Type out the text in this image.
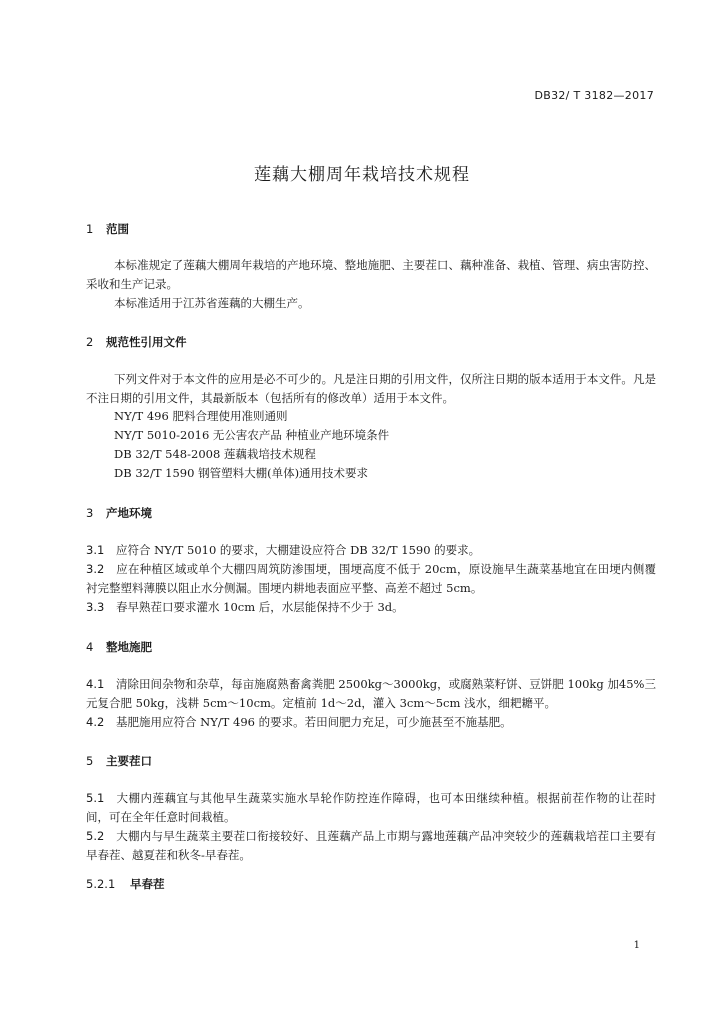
DB32/ T 3182—2017
莲藕大棚周年栽培技术规程
1 范围
本标准规定了莲藕大棚周年栽培的产地环境、整地施肥、主要茬口、藕种准备、栽植、管理、病虫害防控、采收和生产记录。
本标准适用于江苏省莲藕的大棚生产。
2 规范性引用文件
下列文件对于本文件的应用是必不可少的。凡是注日期的引用文件，仅所注日期的版本适用于本文件。凡是不注日期的引用文件，其最新版本（包括所有的修改单）适用于本文件。
NY/T 496 肥料合理使用准则通则
NY/T 5010-2016 无公害农产品 种植业产地环境条件
DB 32/T 548-2008 莲藕栽培技术规程
DB 32/T 1590 钢管塑料大棚(单体)通用技术要求
3 产地环境
3.1 应符合 NY/T 5010 的要求，大棚建设应符合 DB 32/T 1590 的要求。
3.2 应在种植区域或单个大棚四周筑防渗围埂，围埂高度不低于 20cm，原设施早生蔬菜基地宜在田埂内侧覆衬完整塑料薄膜以阻止水分侧漏。围埂内耕地表面应平整、高差不超过 5cm。
3.3 春早熟茬口要求灌水 10cm 后，水层能保持不少于 3d。
4 整地施肥
4.1 清除田间杂物和杂草，每亩施腐熟畜禽粪肥 2500kg～3000kg，或腐熟菜籽饼、豆饼肥 100kg 加45%三元复合肥 50kg，浅耕 5cm～10cm。定植前 1d～2d，灌入 3cm～5cm 浅水，细耙耱平。
4.2 基肥施用应符合 NY/T 496 的要求。若田间肥力充足，可少施甚至不施基肥。
5 主要茬口
5.1 大棚内莲藕宜与其他早生蔬菜实施水旱轮作防控连作障碍，也可本田继续种植。根据前茬作物的让茬时间，可在全年任意时间栽植。
5.2 大棚内与早生蔬菜主要茬口衔接较好、且莲藕产品上市期与露地莲藕产品冲突较少的莲藕栽培茬口主要有早春茬、越夏茬和秋冬-早春茬。
5.2.1 早春茬
1
